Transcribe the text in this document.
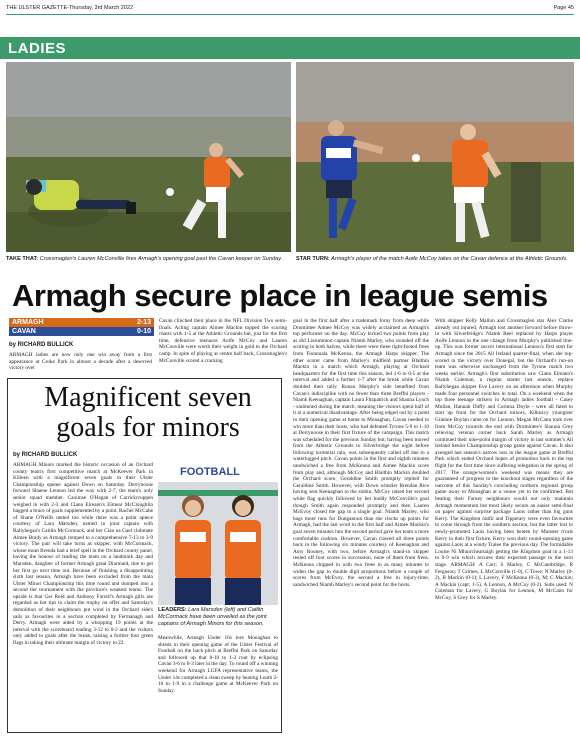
THE ULSTER GAZETTE-Thursday, 3rd March 2022	Page 45
LADIES
TAKE THAT: Crossmaglen's Lauren McConville fires Armagh's opening goal past the Cavan keeper on Sunday.	STAR TURN: Armagh's player of the match Aoife McCoy takes on the Cavan defence at the Athletic Grounds.
Armagh secure place in league semis
ARMAGH	2-13
CAVAN	0-10
by RICHARD BULLICK
ARMAGH ladies are now only one win away from a first appearance at Croke Park in almost a decade after a deserved victory over
Cavan clinched their place in the NFL Division Two semi-finals. Acting captain Aimee Mackin topped the scoring charts with 1-5 at the Athletic Grounds but, just for the first time, defensive menaces Aoife McCoy and Lauren McConville were worth their weight in gold to the Orchard camp. In spite of playing at centre half back, Crossmaglen's McConville scored a cracking
goal in the first half after a trademark foray from deep while Drumintee Aimee McCoy was widely acclaimed as Armagh's top performer on the day. McCoy kicked two points from play as did Lissummon captain Niamh Marley, who rounded off the scoring in both halves, while there were three right-footed frees from Fionnuala McKenna, the Armagh Harps skipper. The other scorer came from Marley's midfield partner Blaithin Mackin in a match which Armagh, playing at Orchard headquarters for the first time this season, led 1-6 to 0-5 at the interval and added a further 1-7 after the break while Cavan doubled their tally. Ronan Murphy's side benefited from Cavan's indiscipline with no fewer than three Breffni players - Niamh Keenaghan, captain Laura Fitzpatrick and Shauna Lynch - sinbinned during the match, meaning the visitors spent half of it at a numerical disadvantage. After being edged out by a point in their opening game at home to Monaghan, Cavan needed to win more than their hosts, who had defeated Tyrone 5-9 to 1-10 at Derrynoose in their first fixture of the campaign. This match was scheduled for the previous Sunday but, having been moved from the Athletic Grounds to Silverbridge the night before following torrential rain, was subsequently called off due to a waterlogged pitch. Cavan points in the first and eighth minutes sandwiched a free from McKenna and Aimee Mackin score from play and, although McCoy and Blaithin Mackin doubled the Orchard score, Geraldine Smith promptly replied for Geraldine Smith. However, with Down whistler Brendan Rice having sent Keenaghan to the sinbin, McCoy raised her second white flag quickly followed by her buddy McConville's goal though Smith again responded promptly and then Lauren McEvoy closed the gap to a single goal. Niamh Marley, who bags more runs for Dungannon than she clocks up points for Armagh, had the last word in the first half and Aimee Mackin's goal seven minutes into the second period gave her team a more comfortable cushion. However, Cavan clawed all three points back in the following six minutes courtesy of Keenaghan and Amy Rooney, with two, before Armagh's stand-in skipper reeled off four scores in succession, none of them from frees. McKenna chipped in with two frees in as many minutes to widen the gap to double digit proportions before a couple of scores from McEvoy, the second a free in injury-time, sandwiched Niamh Marley's second point for the hosts.
With skipper Kelly Mallon and Crossmaglen star Alex Clarke already out injured, Armagh lost another forward before throw-in with Silverbridge's Niamh Reel replaced by Harps player Aoife Lennon in the one change from Murphy's published line-up. This was former soccer international Lennon's first start for Armagh since the 2015 All Ireland quarter-final, when she top-scored in the victory over Donegal, but the Orchard's run-on team was otherwise unchanged from the Tyrone match two weeks earlier. Armagh's first substitution saw Clann Eireann's Niamh Coleman, a regular starter last season, replace Ballyhegan skipper Eve Lavery on an afternoon when Murphy made four personnel switches in total. On a weekend when the top three teenage strikers in Armagh ladies football - Casey Mullan, Hannah Duffy and Corinna Doyle - were all fated to start up front for the Orchard minors, Kilkeavy youngster Grainne Boylan came on for Lennon. Megan McCann took over from McCoy towards the end with Drumintee's Shauna Grey relieving veteran corner back Sarah Marley as Armagh continued their nine-point margin of victory in last summer's All Ireland Senior Championship group game against Cavan. It also avenged last season's narrow loss in the league game at Breffni Park which ended Orchard hopes of promotion back to the top flight for the first time since suffering relegation in the spring of 2017. The orange/women's weekend was means they are guaranteed of progress to the knockout stages regardless of the outcome of this Sunday's concluding northern regional group game away to Monaghan at a venue yet to be confirmed. But beating their Farney neighbours would not only maintain Armagh momentum but most likely secure an easier semi-final on paper against surprise package Laois rather than big guns Kerry. The Kingdom outfit and Tipperary were even favourites to come through from the southern section, but the latter lost to newly-promoted Laois having been beaten by Munster rivals Kerry in their first fixture. Kerry won their round-opening game against Laois at a windy Tralee the previous day. The formidable Louise Ni Mhuircheartaigh getting the Kingdom goal in a 1-13 to 0-9 win which secures their expected passage to the next stage. ARMAGH: A Carr; S Marley, C McCambridge, R Ferguson; T Grimes, L McConville (1-0), C Towe; N Marley (0-2), B Mackin (0-1); L Lavery, F McKenna (0-3), M; C Mackin; A Mackin (capt; 1-5), A Lennon, A McCoy (0-2). Subs used: N Coleman for Lavery, G Boylan for Lennon, M McCann for McCoy, S Grey for S Marley.
Magnificent seven goals for minors
by RICHARD BULLICK
ARMAGH Minors marked the historic occasion of an Orchard county team's first competitive match at McKeever Park in Killeen with a magnificent seven goals in their Ulster Championship opener against Down on Saturday. Derrynoose forward Shaene Lennon led the way with 2-7, the team's only senior squad member. Caoimse O'Hagan of Carrickcruppen weighed in with 2-3 and Clann Eireann's Eimear McCloughlin bagged a brace of goals supplemented by a point. Rachel McCabe of Shane O'Neills netted too while there was a point apiece courtesy of Lara Marsden, named in joint captain with Ballyhegan's Caitlin McCormack, and her Clan na Gael clubmate Aimee Brady as Armagh romped to a comprehensive 7-13 to 3-9 victory. The pair will take turns as skipper, with McCormack, whose mum Brenda had a brief spell in the Orchard county panel, having the honour of leading the team on a landmark day and Marsden, daughter of former Armagh great Diarmaid, due to get her first go next time out. Because of finishing a disappointing sixth last season, Armagh have been excluded from the main Ulster Minor Championship this time round and dumped into a second tier tournament with the province's weakest teams. The upside is that Ger Reid and Anthony Farrell's Armagh girls are regarded as hot tips to claim the trophy on offer and Saturday's demolition of their neighbours put wind in the Orchard side's sails as favourites in a section completed by Fermanagh and Derry. Armagh were aided by a whopping 19 points at the interval with the scoreboard reading 3-12 to 0-2 and the visitors only added to goals after the break, raising a further four green flags in taking their ultimate margin of victory to 22.
FOOTBALL
LEADERS: Lara Marsden (left) and Caitlin McCormack have been unveiled as the joint captains of Armagh Minors for this season.
Meanwhile, Armagh Under 16s tore Monaghan to shreds in their opening game of the Ulster Festival of Football on the back pitch at Breffni Park on Saturday and followed up that 8-10 to 1-2 rout by eclipsing Cavan 3-6 to 0-3 later in the day. To round off a winning weekend for Armagh LGFA representative teams, the Under 14s completed a clean sweep by beating Louth 2-10 to 1-9 in a challenge game at McKeever Park on Sunday.
